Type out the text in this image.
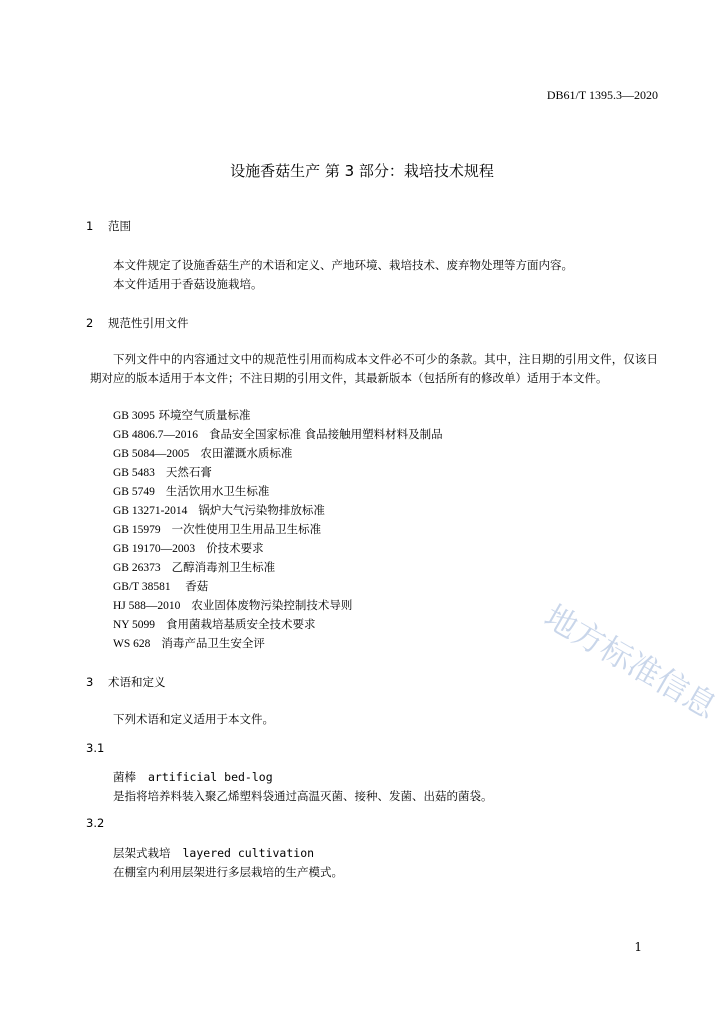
DB61/T 1395.3—2020
设施香菇生产 第 3 部分：栽培技术规程
1 范围
本文件规定了设施香菇生产的术语和定义、产地环境、栽培技术、废弃物处理等方面内容。
本文件适用于香菇设施栽培。
2 规范性引用文件
下列文件中的内容通过文中的规范性引用而构成本文件必不可少的条款。其中，注日期的引用文件，仅该日期对应的版本适用于本文件；不注日期的引用文件，其最新版本（包括所有的修改单）适用于本文件。
GB 3095 环境空气质量标准
GB 4806.7—2016 食品安全国家标准 食品接触用塑料材料及制品
GB 5084—2005 农田灌溉水质标准
GB 5483 天然石膏
GB 5749 生活饮用水卫生标准
GB 13271-2014 锅炉大气污染物排放标准
GB 15979 一次性使用卫生用品卫生标准
GB 19170—2003 价技术要求
GB 26373 乙醇消毒剂卫生标准
GB/T 38581 香菇
HJ 588—2010 农业固体废物污染控制技术导则
NY 5099 食用菌栽培基质安全技术要求
WS 628 消毒产品卫生安全评
3 术语和定义
下列术语和定义适用于本文件。
3.1
菌棒 artificial bed-log
是指将培养料装入聚乙烯塑料袋通过高温灭菌、接种、发菌、出菇的菌袋。
3.2
层架式栽培 layered cultivation
在棚室内利用层架进行多层栽培的生产模式。
地方标准信息
1
